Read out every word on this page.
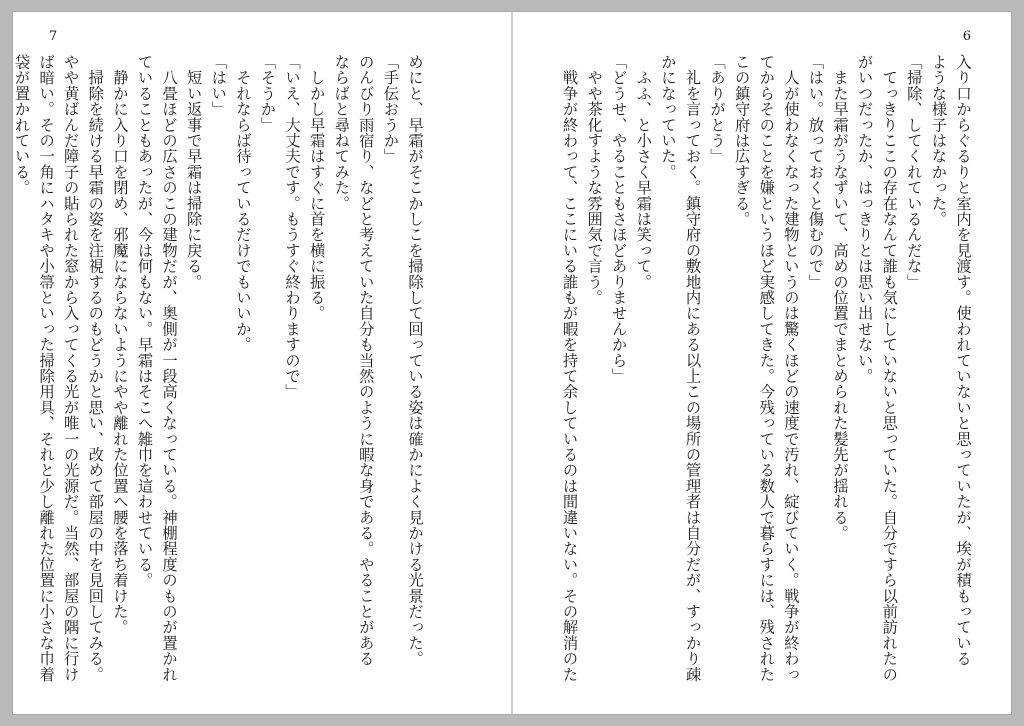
7
めにと、早霜がそこかしこを掃除して回っている姿は確かによく見かける光景だった。
「手伝おうか」
のんびり雨宿り、などと考えていた自分も当然のように暇な身である。やることがある
ならばと尋ねてみた。
　しかし早霜はすぐに首を横に振る。
「いえ、大丈夫です。もうすぐ終わりますので」
「そうか」
　それならば待っているだけでもいいか。
「はい」
　短い返事で早霜は掃除に戻る。
　八畳ほどの広さのこの建物だが、奥側が一段高くなっている。神棚程度のものが置かれ
ていることもあったが、今は何もない。早霜はそこへ雑巾を這わせている。
　静かに入り口を閉め、邪魔にならないようにやや離れた位置へ腰を落ち着けた。
　掃除を続ける早霜の姿を注視するのもどうかと思い、改めて部屋の中を見回してみる。
やや黄ばんだ障子の貼られた窓から入ってくる光が唯一の光源だ。当然、部屋の隅に行け
ば暗い。その一角にハタキや小箒といった掃除用具、それと少し離れた位置に小さな巾着
袋が置かれている。
6
入り口からぐるりと室内を見渡す。使われていないと思っていたが、埃が積もっている
ような様子はなかった。
「掃除、してくれているんだな」
　てっきりここの存在なんて誰も気にしていないと思っていた。自分ですら以前訪れたの
がいつだったか、はっきりとは思い出せない。
　また早霜がうなずいて、高めの位置でまとめられた髪先が揺れる。
「はい。放っておくと傷むので」
　人が使わなくなった建物というのは驚くほどの速度で汚れ、綻びていく。戦争が終わっ
てからそのことを嫌というほど実感してきた。今残っている数人で暮らすには、残された
この鎮守府は広すぎる。
「ありがとう」
　礼を言っておく。鎮守府の敷地内にある以上この場所の管理者は自分だが、すっかり疎
かになっていた。
　ふふ、と小さく早霜は笑って。
「どうせ、やることもさほどありませんから」
　やや茶化すような雰囲気で言う。
　戦争が終わって、ここにいる誰もが暇を持て余しているのは間違いない。その解消のた
